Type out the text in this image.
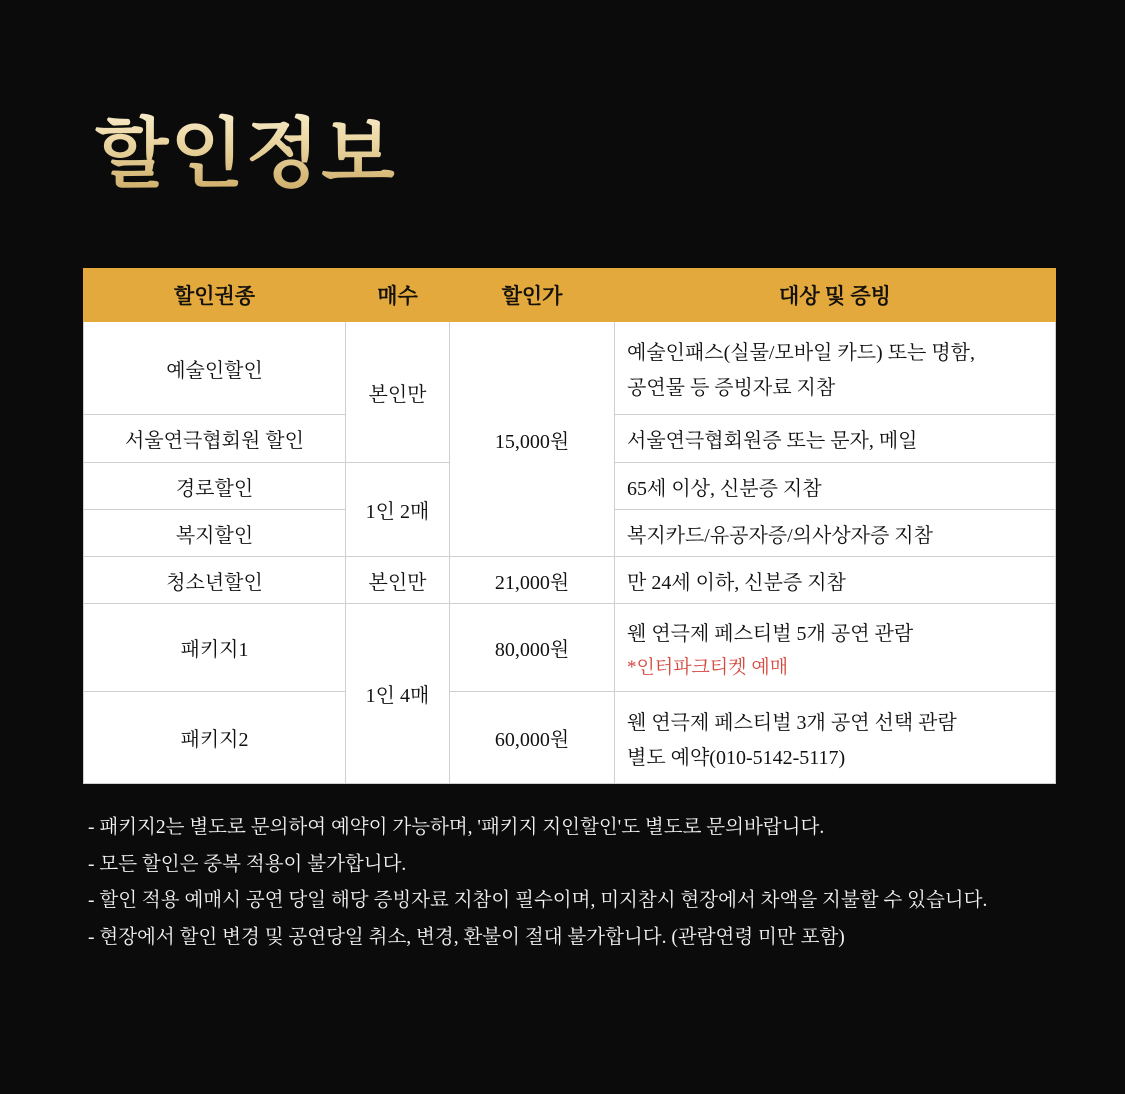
할인정보
할인권종	매수	할인가	대상 및 증빙
예술인할인	본인만	15,000원	예술인패스(실물/모바일 카드) 또는 명함,
공연물 등 증빙자료 지참

서울연극협회원 할인			서울연극협회원증 또는 문자, 메일

경로할인	1인 2매		65세 이상, 신분증 지참

복지할인			복지카드/유공자증/의사상자증 지참

청소년할인	본인만	21,000원	만 24세 이하, 신분증 지참

패키지1	1인 4매	80,000원	웬 연극제 페스티벌 5개 공연 관람
*인터파크티켓 예매

패키지2		60,000원	웬 연극제 페스티벌 3개 공연 선택 관람
별도 예약(010-5142-5117)
- 패키지2는 별도로 문의하여 예약이 가능하며, '패키지 지인할인'도 별도로 문의바랍니다.
- 모든 할인은 중복 적용이 불가합니다.
- 할인 적용 예매시 공연 당일 해당 증빙자료 지참이 필수이며, 미지참시 현장에서 차액을 지불할 수 있습니다.
- 현장에서 할인 변경 및 공연당일 취소, 변경, 환불이 절대 불가합니다. (관람연령 미만 포함)
